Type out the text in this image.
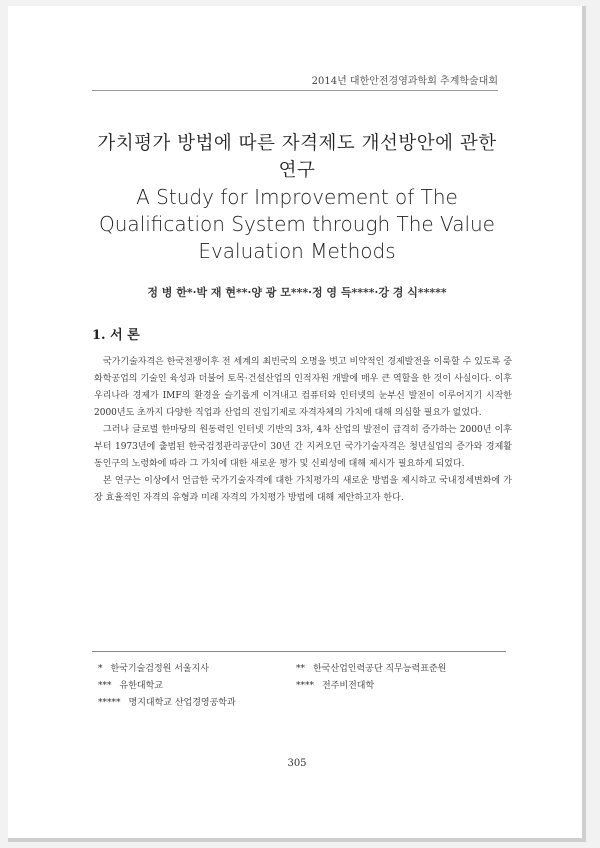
2014년 대한안전경영과학회 추계학술대회
가치평가 방법에 따른 자격제도 개선방안에 관한
연구
A Study for Improvement of The
Qualification System through The Value
Evaluation Methods
정 병 한*·박 재 현**·양 광 모***·정 영 득****·강 경 식*****
1. 서 론

국가기술자격은 한국전쟁이후 전 세계의 최빈국의 오명을 벗고 비약적인 경제발전을 이룩할 수 있도록 중화학공업의 기술인 육성과 더불어 토목·건설산업의 인적자원 개발에 매우 큰 역할을 한 것이 사실이다. 이후 우리나라 경제가 IMF의 환경을 슬기롭게 이겨내고 컴퓨터와 인터넷의 눈부신 발전이 이루어지기 시작한 2000년도 초까지 다양한 직업과 산업의 진입기제로 자격자체의 가치에 대해 의심할 필요가 없었다.

그러나 글로벌 한마당의 원동력인 인터넷 기반의 3차, 4차 산업의 발전이 급격히 증가하는 2000년 이후부터 1973년에 출범된 한국검정관리공단이 30년 간 지켜오던 국가기술자격은 청년실업의 증가와 경제활동인구의 노령화에 따라 그 가치에 대한 새로운 평가 및 신뢰성에 대해 제시가 필요하게 되었다.

본 연구는 이상에서 언급한 국가기술자격에 대한 가치평가의 새로운 방법을 제시하고 국내정세변화에 가장 효율적인 자격의 유형과 미래 자격의 가치평가 방법에 대해 제안하고자 한다.

* 한국기술검정원 서울지사	** 한국산업인력공단 직무능력표준원
*** 유한대학교	**** 전주비전대학
***** 명지대학교 산업경영공학과
305
